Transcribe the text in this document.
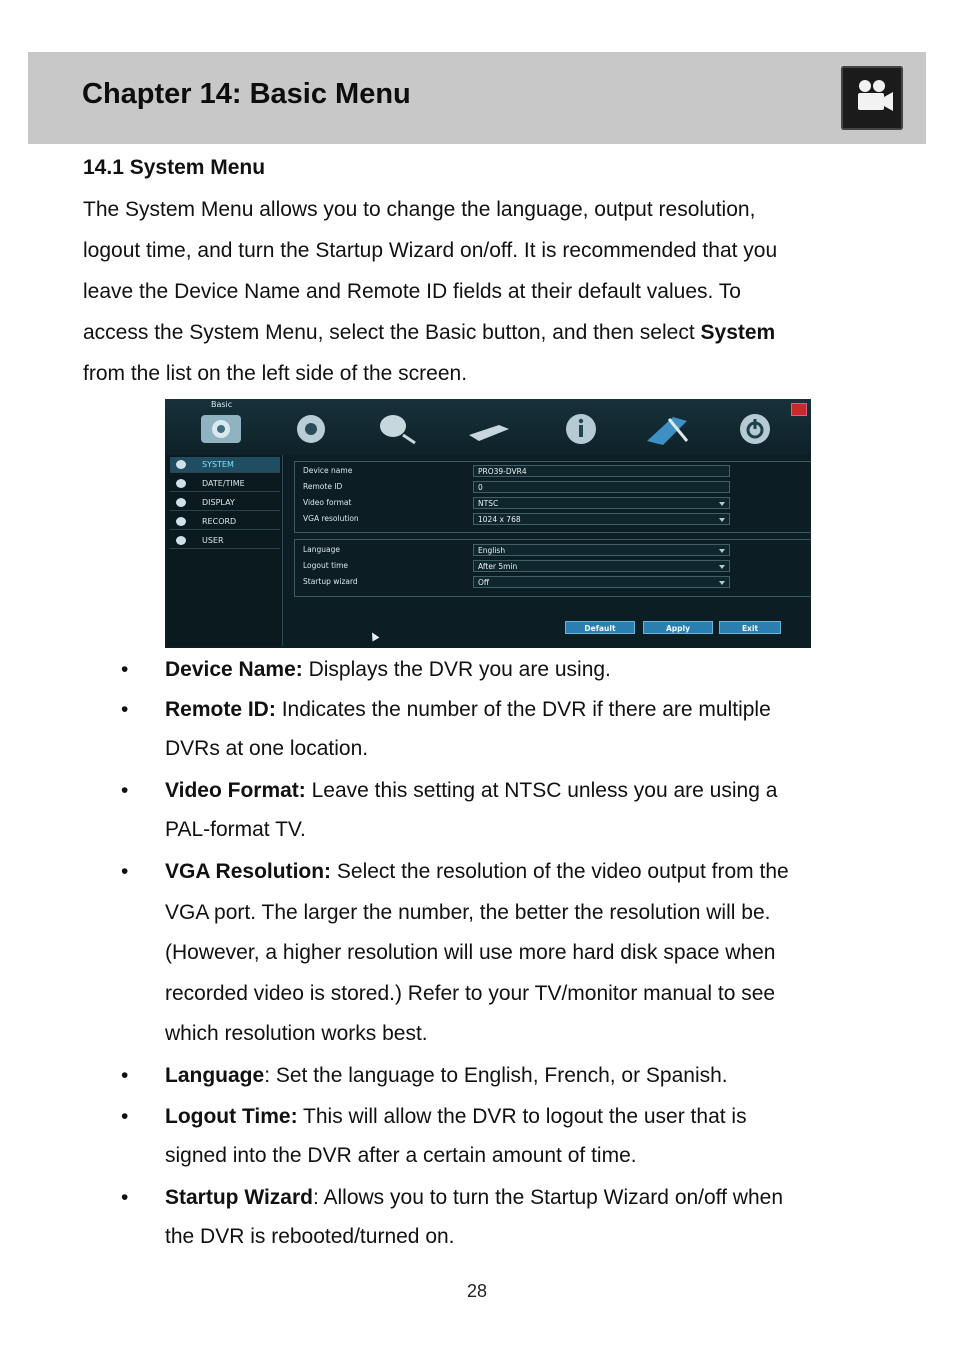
Chapter 14: Basic Menu
14.1 System Menu
The System Menu allows you to change the language, output resolution,
logout time, and turn the Startup Wizard on/off. It is recommended that you
leave the Device Name and Remote ID fields at their default values. To
access the System Menu, select the Basic button, and then select System
from the list on the left side of the screen.
Basic
SYSTEM
DATE/TIME
DISPLAY
RECORD
USER
Device name	PRO39-DVR4
Remote ID	0
Video format	NTSC
VGA resolution	1024 x 768
Language	English
Logout time	After 5min
Startup wizard	Off
Default	Apply	Exit
• Device Name: Displays the DVR you are using.
• Remote ID: Indicates the number of the DVR if there are multiple
DVRs at one location.
• Video Format: Leave this setting at NTSC unless you are using a
PAL-format TV.
• VGA Resolution: Select the resolution of the video output from the
VGA port. The larger the number, the better the resolution will be.
(However, a higher resolution will use more hard disk space when
recorded video is stored.) Refer to your TV/monitor manual to see
which resolution works best.
• Language: Set the language to English, French, or Spanish.
• Logout Time: This will allow the DVR to logout the user that is
signed into the DVR after a certain amount of time.
• Startup Wizard: Allows you to turn the Startup Wizard on/off when
the DVR is rebooted/turned on.
28
